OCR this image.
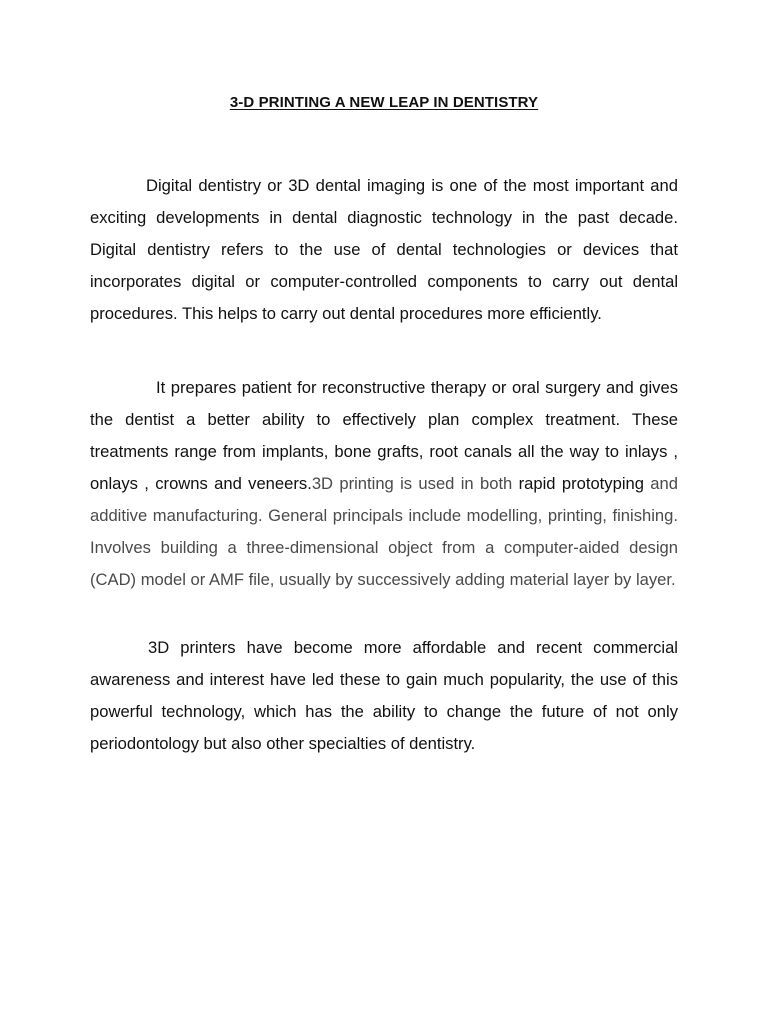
3-D PRINTING A NEW LEAP IN DENTISTRY

Digital dentistry or 3D dental imaging is one of the most important and exciting developments in dental diagnostic technology in the past decade. Digital dentistry refers to the use of dental technologies or devices that incorporates digital or computer-controlled components to carry out dental procedures. This helps to carry out dental procedures more efficiently.

It prepares patient for reconstructive therapy or oral surgery and gives the dentist a better ability to effectively plan complex treatment. These treatments range from implants, bone grafts, root canals all the way to inlays , onlays , crowns and veneers.3D printing is used in both rapid prototyping and additive manufacturing. General principals include modelling, printing, finishing. Involves building a three-dimensional object from a computer-aided design (CAD) model or AMF file, usually by successively adding material layer by layer.

3D printers have become more affordable and recent commercial awareness and interest have led these to gain much popularity, the use of this powerful technology, which has the ability to change the future of not only periodontology but also other specialties of dentistry.
